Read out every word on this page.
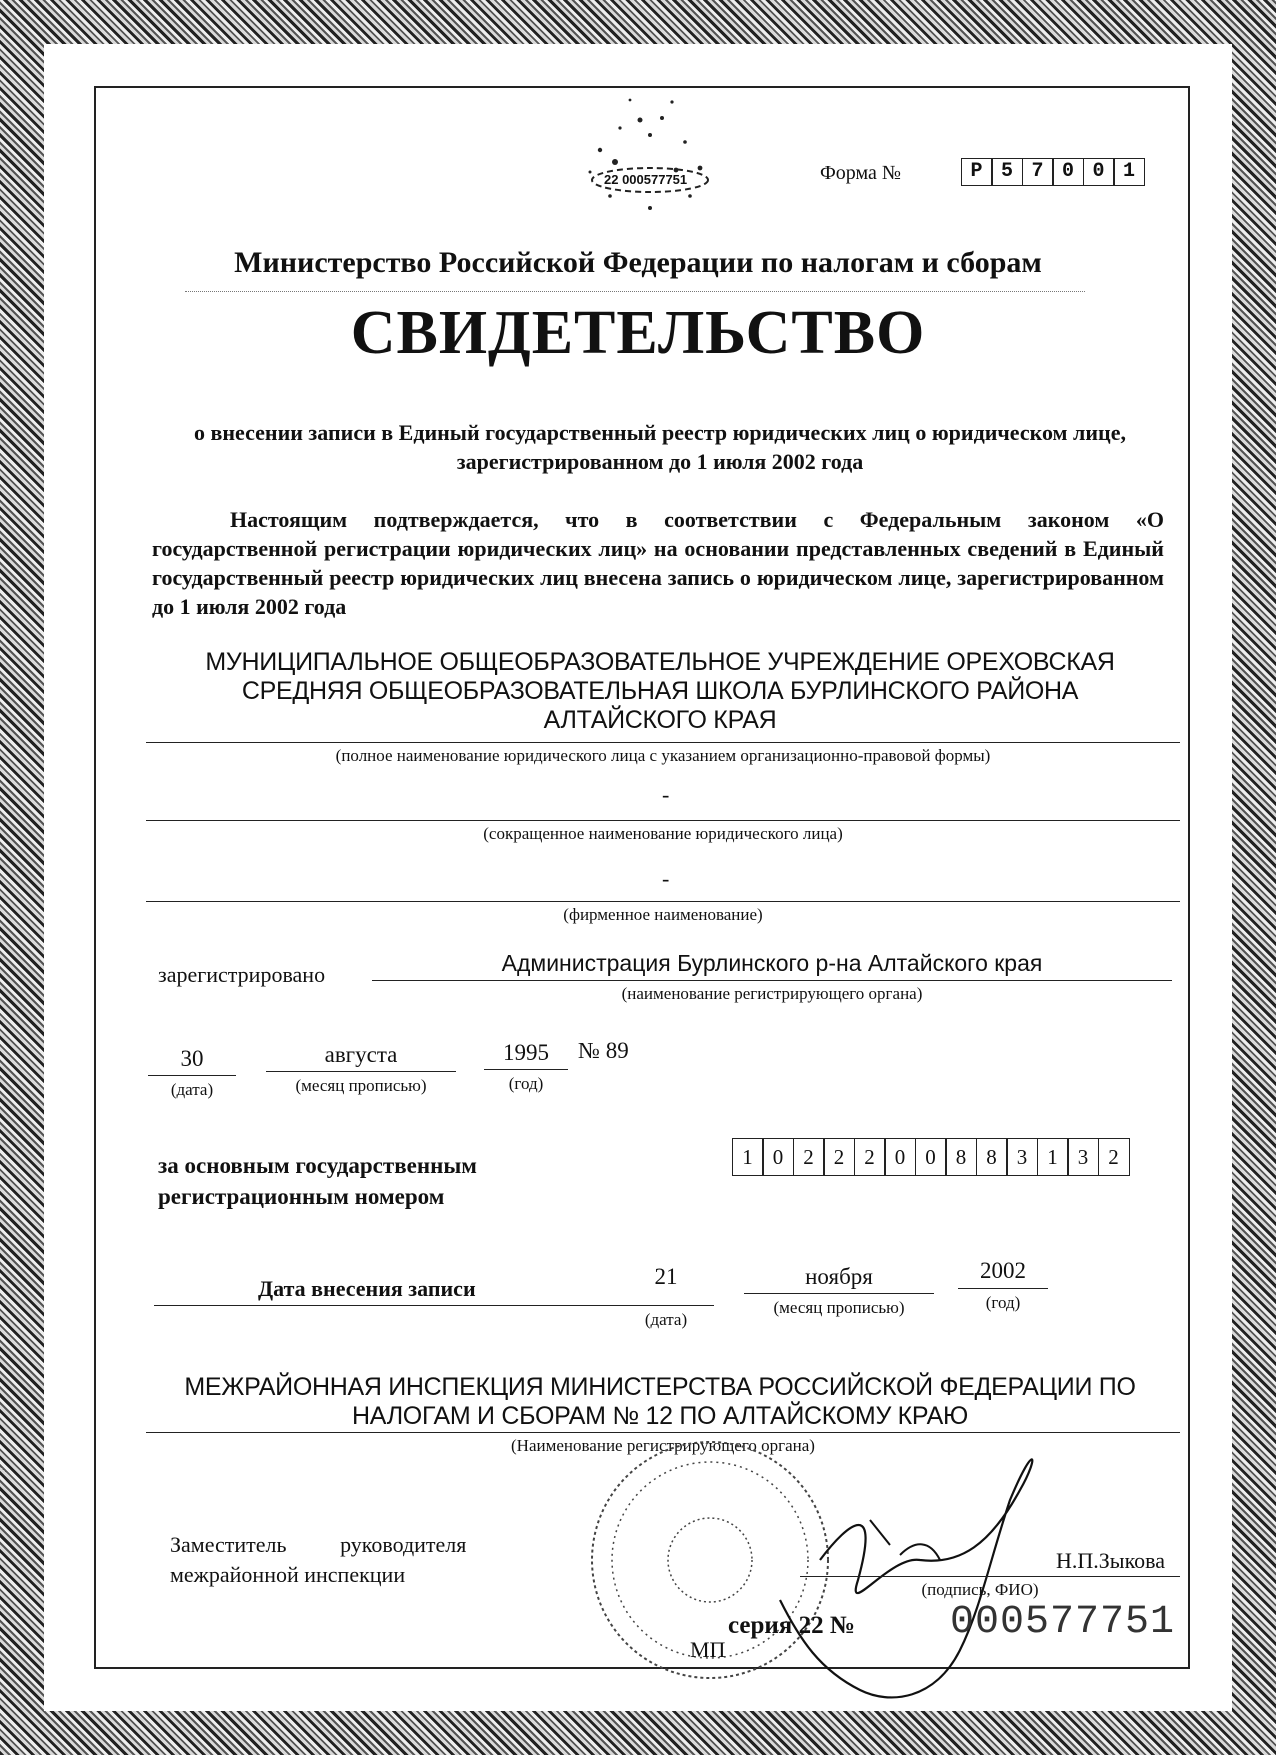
22 000577751	Форма №	Р 5 7 0 0 1
Министерство Российской Федерации по налогам и сборам
СВИДЕТЕЛЬСТВО
о внесении записи в Единый государственный реестр юридических лиц о юридическом лице, зарегистрированном до 1 июля 2002 года
Настоящим подтверждается, что в соответствии с Федеральным законом «О государственной регистрации юридических лиц» на основании представленных сведений в Единый государственный реестр юридических лиц внесена запись о юридическом лице, зарегистрированном до 1 июля 2002 года
МУНИЦИПАЛЬНОЕ ОБЩЕОБРАЗОВАТЕЛЬНОЕ УЧРЕЖДЕНИЕ ОРЕХОВСКАЯ
СРЕДНЯЯ ОБЩЕОБРАЗОВАТЕЛЬНАЯ ШКОЛА БУРЛИНСКОГО РАЙОНА
АЛТАЙСКОГО КРАЯ
(полное наименование юридического лица с указанием организационно-правовой формы)
-
(сокращенное наименование юридического лица)
-
(фирменное наименование)
зарегистрировано	Администрация Бурлинского р-на Алтайского края
(наименование регистрирующего органа)
30
(дата)
августа
(месяц прописью)
1995
(год)
№ 89
за основным государственным
регистрационным номером
1 0 2 2 2 0 0 8 8 3 1 3 2
Дата внесения записи	21
(дата)
ноября
(месяц прописью)
2002
(год)
МЕЖРАЙОННАЯ ИНСПЕКЦИЯ МИНИСТЕРСТВА РОССИЙСКОЙ ФЕДЕРАЦИИ ПО
НАЛОГАМ И СБОРАМ № 12 ПО АЛТАЙСКОМУ КРАЮ
(Наименование регистрирующего органа)
Заместитель руководителя
межрайонной инспекции
Н.П.Зыкова
(подпись, ФИО)
серия 22 № 000577751
МП
